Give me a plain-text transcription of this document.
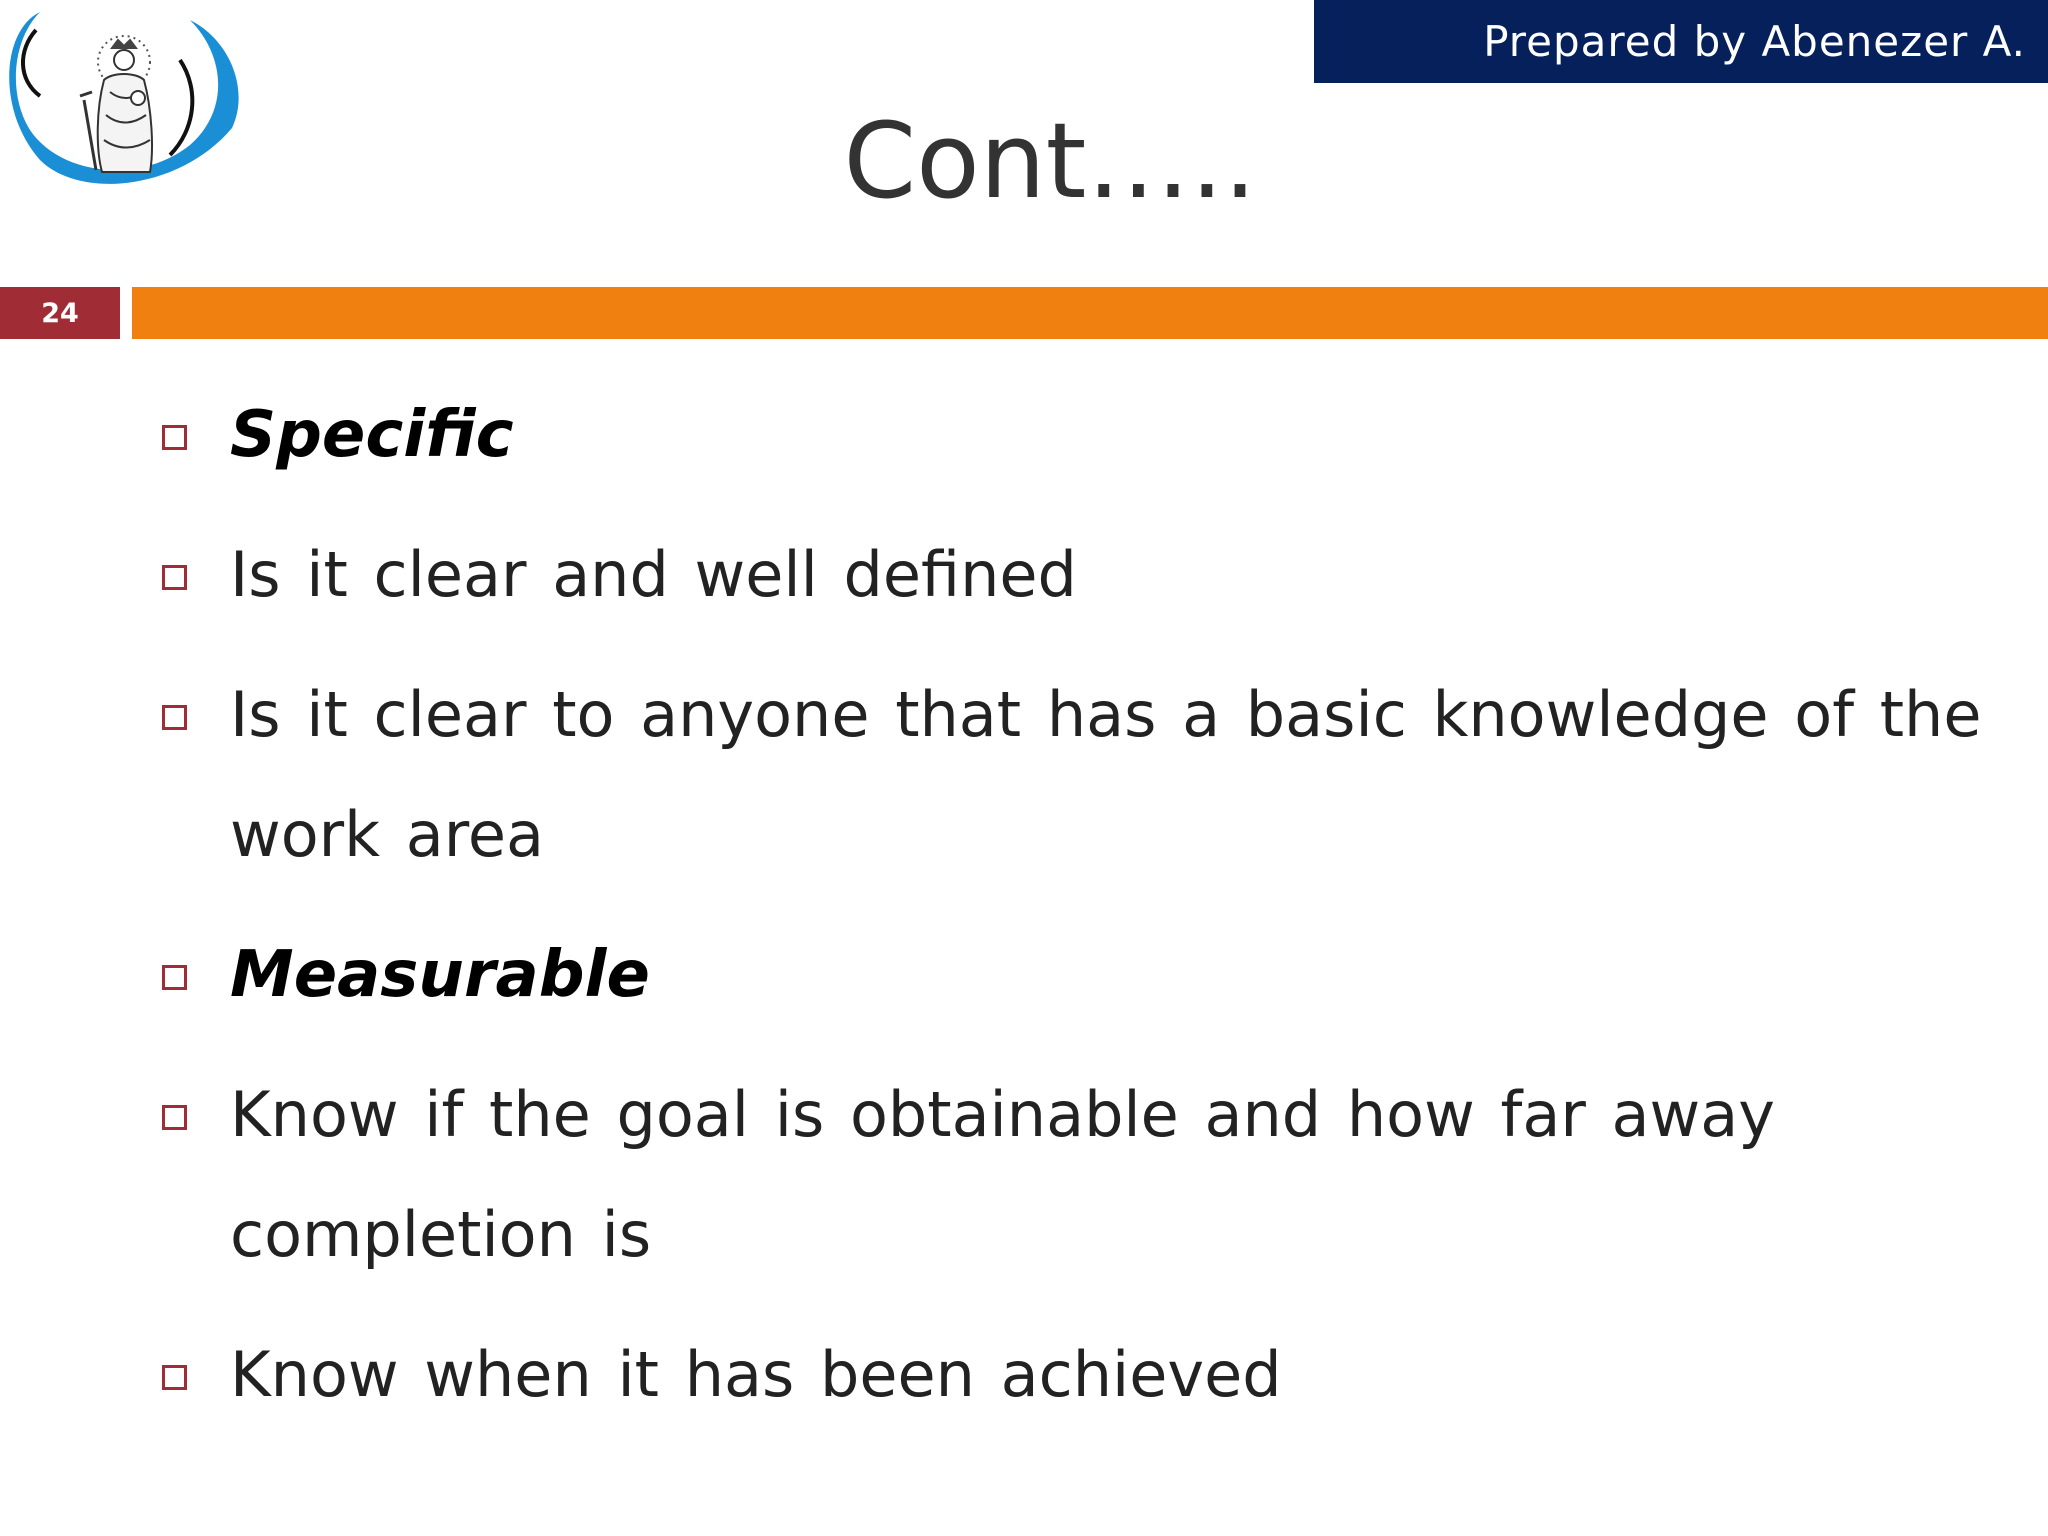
Prepared by Abenezer A.
Cont…..
24
Specific
Is it clear and well defined
Is it clear to anyone that has a basic knowledge of the work area
Measurable
Know if the goal is obtainable and how far away completion is
Know when it has been achieved
